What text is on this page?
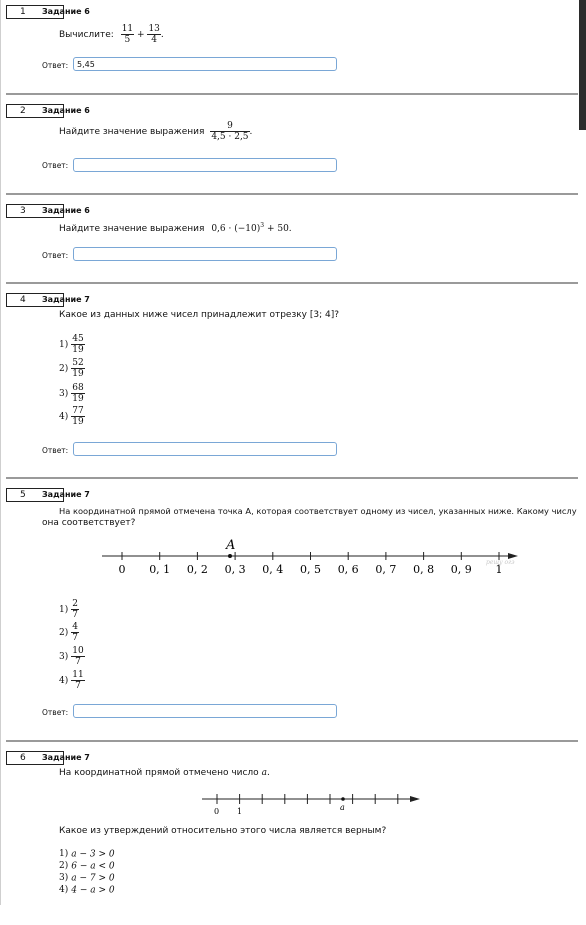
1	Задание 6
Вычислите: $\frac{11}{5} + \frac{13}{4}$ .
Ответ:
5,45
2	Задание 6
Найдите значение выражения $\frac{9}{4,5 \cdot 2,5}$ .
Ответ:
3	Задание 6
Найдите значение выражения $0,6 \cdot (-10)^3 + 50$.
Ответ:
4	Задание 7
Какое из данных ниже чисел принадлежит отрезку [3; 4]?
$1) \frac{45}{19}$
$2) \frac{52}{19}$
$3) \frac{68}{19}$
$4) \frac{77}{19}$
Ответ:
5	Задание 7
На координатной прямой отмечена точка A, которая соответствует одному из чисел, указанных ниже. Какому числу
она соответствует?
0 0, 1 0, 2 0, 3 0, 4 0, 5 0, 6 0, 7 0, 8 0, 9 1
A
решу огэ
$1) \frac{2}{7}$
$2) \frac{4}{7}$
$3) \frac{10}{7}$
$4) \frac{11}{7}$
Ответ:
6	Задание 7
На координатной прямой отмечено число a.
a
0 1
Какое из утверждений относительно этого числа является верным?
1) a − 3 > 0
2) 6 − a < 0
3) a − 7 > 0
4) 4 − a > 0
